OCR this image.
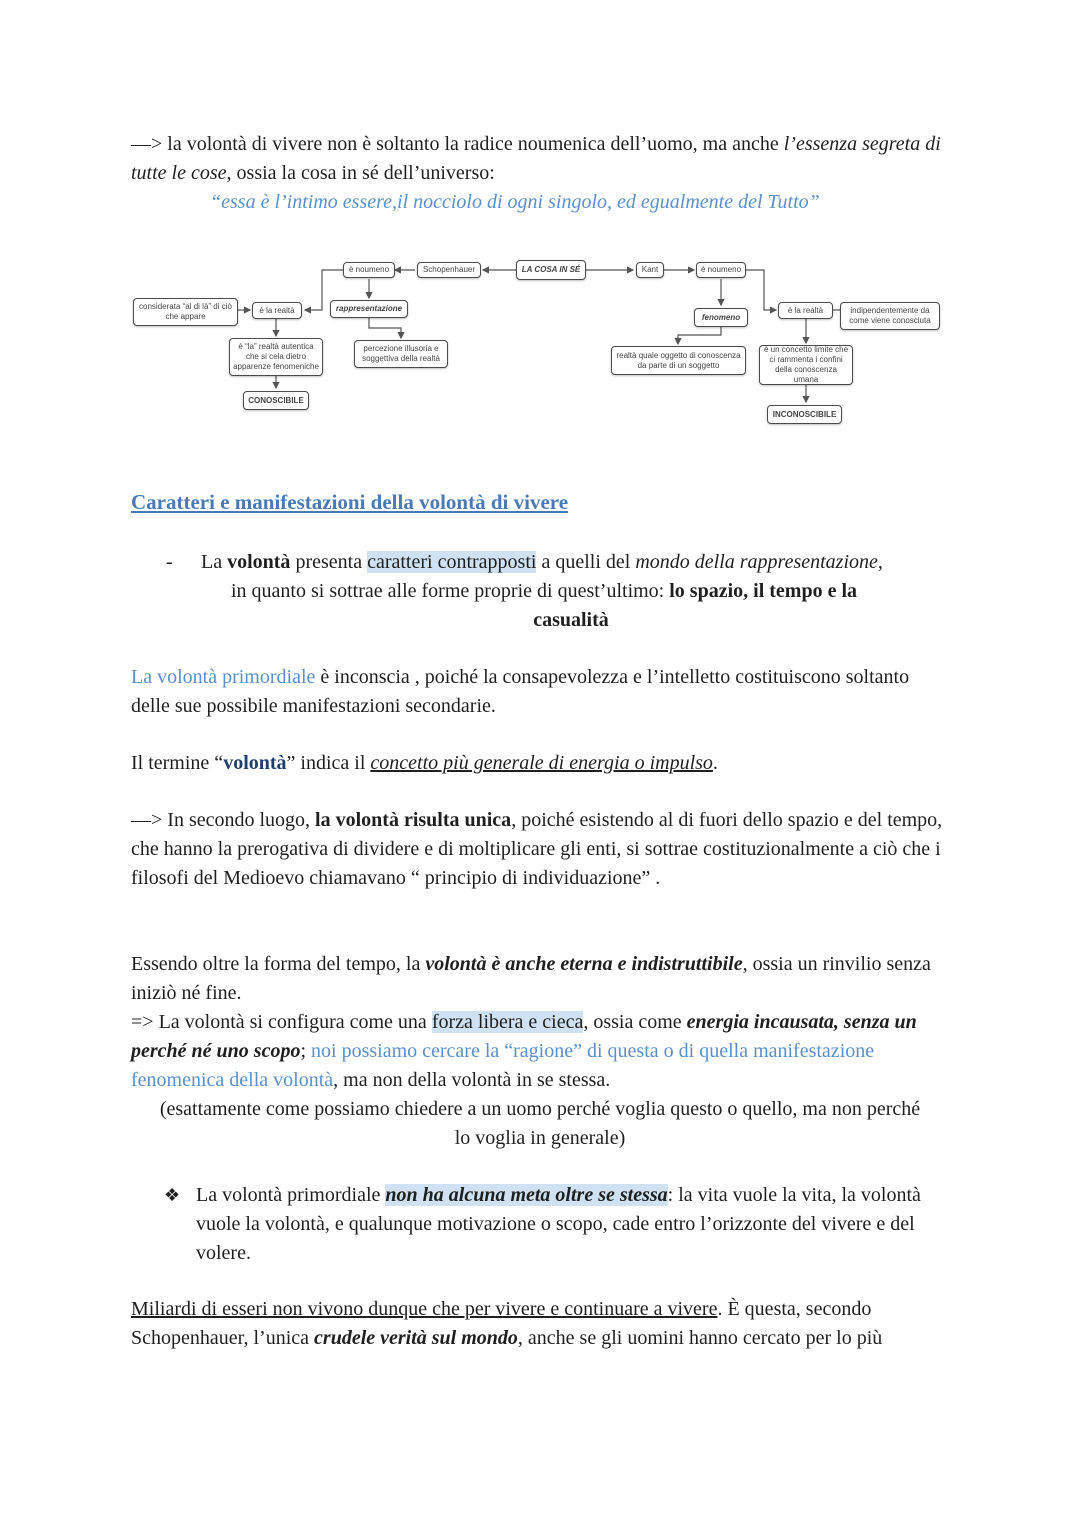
—> la volontà di vivere non è soltanto la radice noumenica dell’uomo, ma anche l’essenza segreta di tutte le cose, ossia la cosa in sé dell’universo:

“essa è l’intimo essere,il nocciolo di ogni singolo, ed egualmente del Tutto”

LA COSA IN SÉ
Schopenhauer
è noumeno
rappresentazione
percezione illusoria e soggettiva della realtà
considerata “al di là” di ciò che appare
è la realtà
è “la” realtà autentica che si cela dietro apparenze fenomeniche
CONOSCIBILE
Kant	è noumeno
fenomeno
realtà quale oggetto di conoscenza da parte di un soggetto
è la realtà	indipendentemente da come viene conosciuta
è un concetto limite che ci rammenta i confini della conoscenza umana
INCONOSCIBILE
Caratteri e manifestazioni della volontà di vivere
-	La volontà presenta caratteri contrapposti a quelli del mondo della rappresentazione,

in quanto si sottrae alle forme proprie di quest’ultimo: lo spazio, il tempo e la

casualità

La volontà primordiale è inconscia , poiché la consapevolezza e l’intelletto costituiscono soltanto delle sue possibile manifestazioni secondarie.

Il termine “volontà” indica il concetto più generale di energia o impulso.

—> In secondo luogo, la volontà risulta unica, poiché esistendo al di fuori dello spazio e del tempo, che hanno la prerogativa di dividere e di moltiplicare gli enti, si sottrae costituzionalmente a ciò che i filosofi del Medioevo chiamavano “ principio di individuazione” .

Essendo oltre la forma del tempo, la volontà è anche eterna e indistruttibile, ossia un rinvilio senza iniziò né fine.

=> La volontà si configura come una forza libera e cieca, ossia come energia incausata, senza un perché né uno scopo; noi possiamo cercare la “ragione” di questa o di quella manifestazione fenomenica della volontà, ma non della volontà in se stessa.

(esattamente come possiamo chiedere a un uomo perché voglia questo o quello, ma non perché lo voglia in generale)

❖ La volontà primordiale non ha alcuna meta oltre se stessa: la vita vuole la vita, la volontà vuole la volontà, e qualunque motivazione o scopo, cade entro l’orizzonte del vivere e del volere.

Miliardi di esseri non vivono dunque che per vivere e continuare a vivere. È questa, secondo Schopenhauer, l’unica crudele verità sul mondo, anche se gli uomini hanno cercato per lo più
